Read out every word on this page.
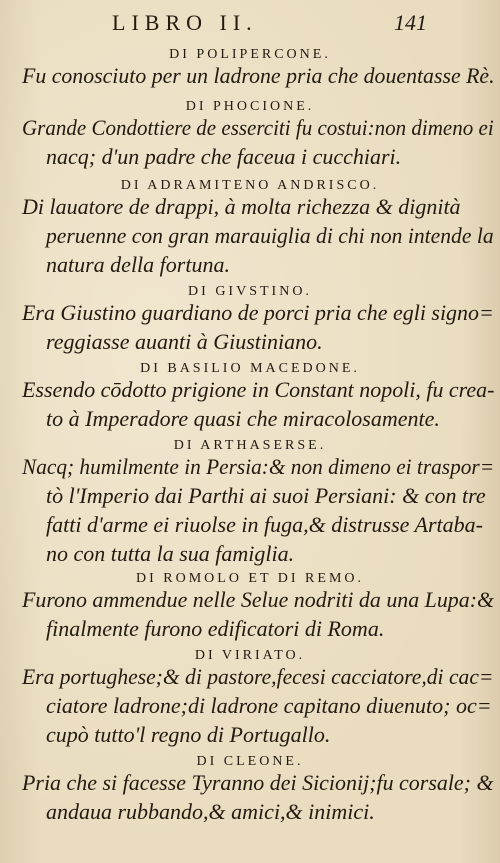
LIBRO II.	141
DI POLIPERCONE.
Fu conosciuto per un ladrone pria che douentasse Rè.
DI PHOCIONE.
Grande Condottiere de esserciti fu costui:non dimeno ei
nacq; d'un padre che faceua i cucchiari.
DI ADRAMITENO ANDRISCO.
Di lauatore de drappi, à molta richezza & dignità
peruenne con gran marauiglia di chi non intende la
natura della fortuna.
DI GIVSTINO.
Era Giustino guardiano de porci pria che egli signo=
reggiasse auanti à Giustiniano.
DI BASILIO MACEDONE.
Essendo cōdotto prigione in Constant nopoli, fu crea-
to à Imperadore quasi che miracolosamente.
DI ARTHASERSE.
Nacq; humilmente in Persia:& non dimeno ei traspor=
tò l'Imperio dai Parthi ai suoi Persiani: & con tre
fatti d'arme ei riuolse in fuga,& distrusse Artaba-
no con tutta la sua famiglia.
DI ROMOLO ET DI REMO.
Furono ammendue nelle Selue nodriti da una Lupa:&
finalmente furono edificatori di Roma.
DI VIRIATO.
Era portughese;& di pastore,fecesi cacciatore,di cac=
ciatore ladrone;di ladrone capitano diuenuto; oc=
cupò tutto'l regno di Portugallo.
DI CLEONE.
Pria che si facesse Tyranno dei Sicionij;fu corsale; &
andaua rubbando,& amici,& inimici.
